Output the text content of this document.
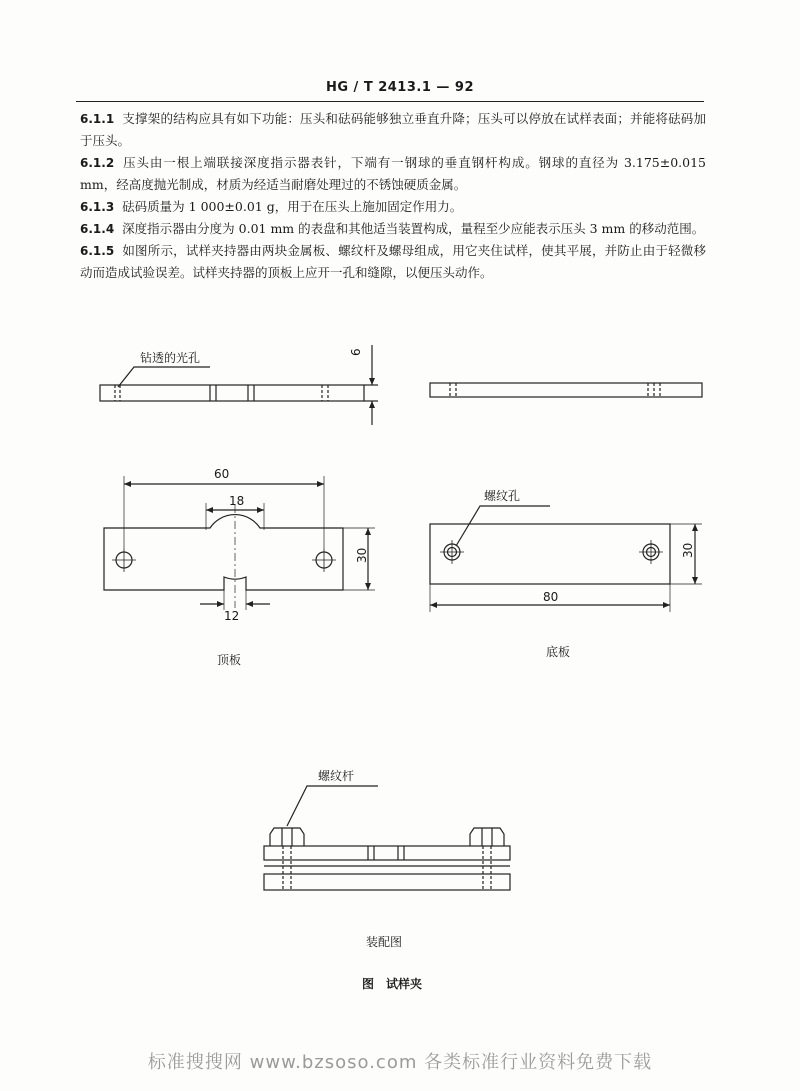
HG / T 2413.1 — 92

6.1.1 支撑架的结构应具有如下功能：压头和砝码能够独立垂直升降；压头可以停放在试样表面；并能将砝码加于压头。

6.1.2 压头由一根上端联接深度指示器表针，下端有一钢球的垂直钢杆构成。钢球的直径为 3.175±0.015 mm，经高度抛光制成，材质为经适当耐磨处理过的不锈蚀硬质金属。

6.1.3 砝码质量为 1 000±0.01 g，用于在压头上施加固定作用力。

6.1.4 深度指示器由分度为 0.01 mm 的表盘和其他适当装置构成，量程至少应能表示压头 3 mm 的移动范围。

6.1.5 如图所示，试样夹持器由两块金属板、螺纹杆及螺母组成，用它夹住试样，使其平展，并防止由于轻微移动而造成试验误差。试样夹持器的顶板上应开一孔和缝隙，以便压头动作。

钻透的光孔	6
60
18
30
12
顶板
螺纹孔
30
80
底板
螺纹杆
装配图
图　试样夹
标准搜搜网 www.bzsoso.com 各类标准行业资料免费下载
